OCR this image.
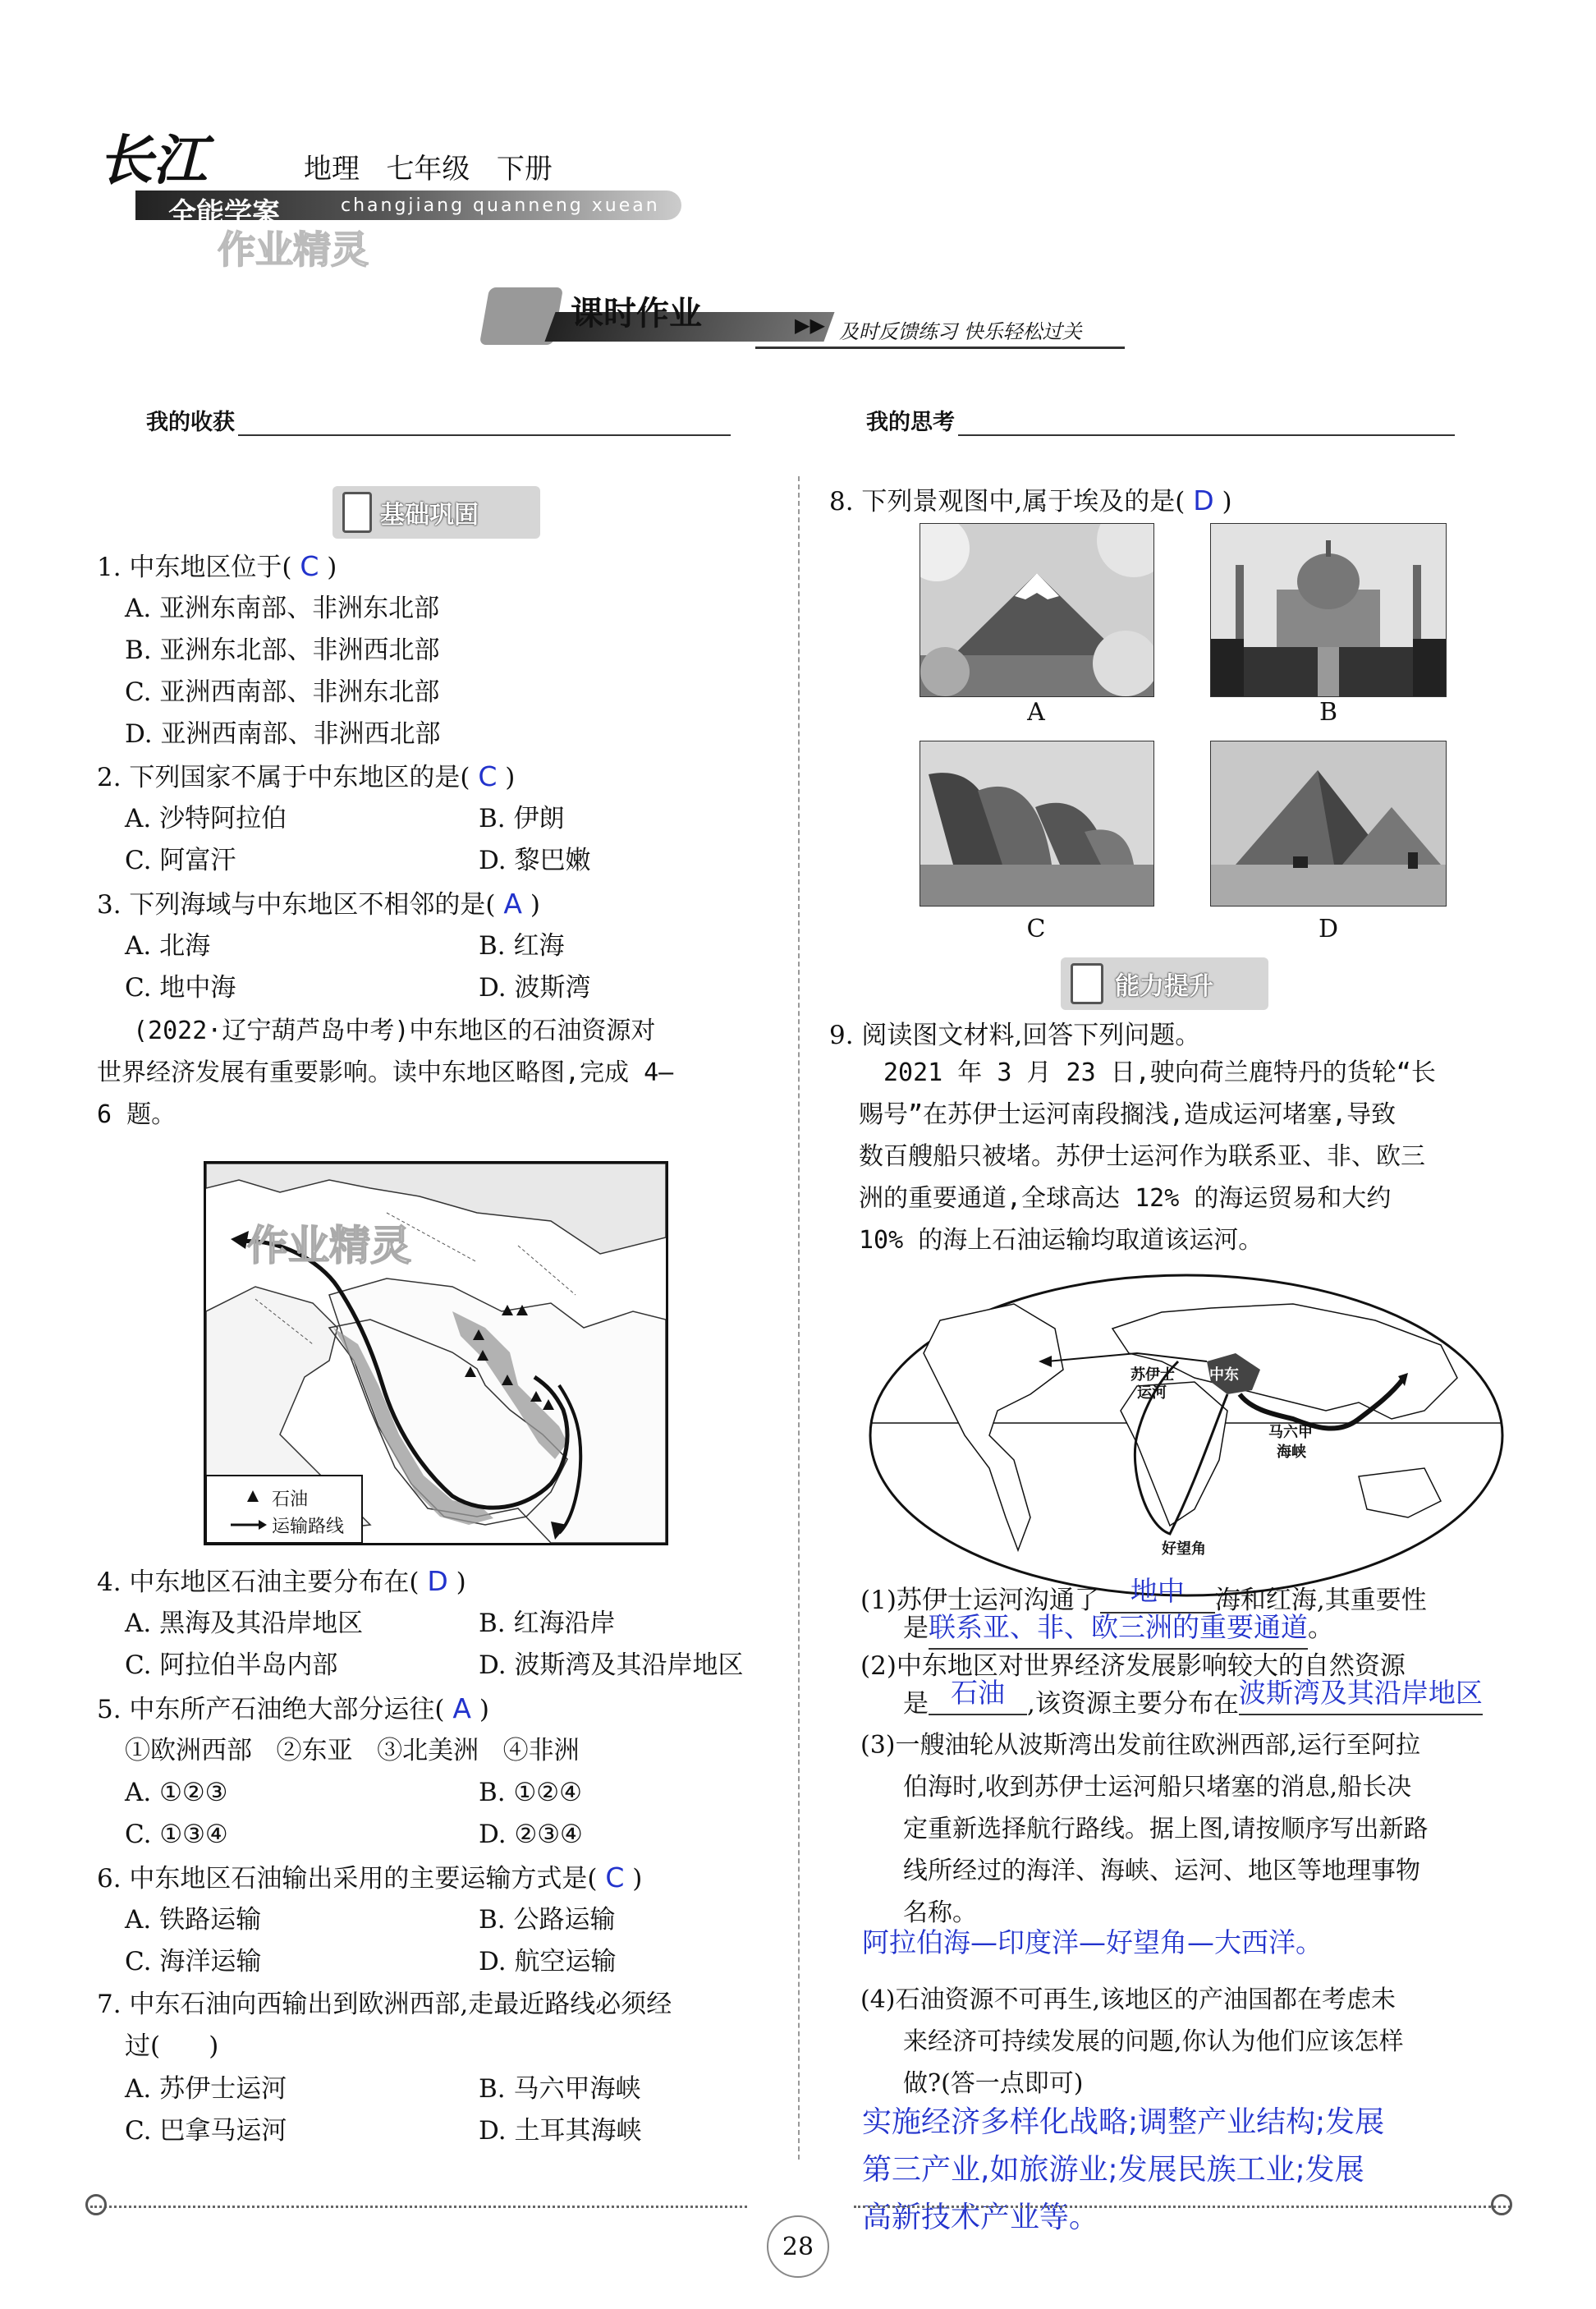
长江
全能学案	changjiang quanneng xuean
作业精灵
地理 七年级 下册
课时作业	▶▶ 及时反馈练习 快乐轻松过关
我的收获	我的思考
基础巩固
1. 中东地区位于( C )
A. 亚洲东南部、非洲东北部
B. 亚洲东北部、非洲西北部
C. 亚洲西南部、非洲东北部
D. 亚洲西南部、非洲西北部
2. 下列国家不属于中东地区的是( C )
A. 沙特阿拉伯	B. 伊朗
C. 阿富汗	D. 黎巴嫩
3. 下列海域与中东地区不相邻的是( A )
A. 北海	B. 红海
C. 地中海	D. 波斯湾
(2022·辽宁葫芦岛中考)中东地区的石油资源对
世界经济发展有重要影响。读中东地区略图,完成 4—
6 题。
石油
运输路线
作业精灵
4. 中东地区石油主要分布在( D )
A. 黑海及其沿岸地区	B. 红海沿岸
C. 阿拉伯半岛内部	D. 波斯湾及其沿岸地区
5. 中东所产石油绝大部分运往( A )
①欧洲西部   ②东亚   ③北美洲   ④非洲
A. ①②③	B. ①②④
C. ①③④	D. ②③④
6. 中东地区石油输出采用的主要运输方式是( C )
A. 铁路运输	B. 公路运输
C. 海洋运输	D. 航空运输
7. 中东石油向西输出到欧洲西部,走最近路线必须经
过(      )
A. 苏伊士运河	B. 马六甲海峡
C. 巴拿马运河	D. 土耳其海峡
8. 下列景观图中,属于埃及的是( D )
A	B
C	D
能力提升
9. 阅读图文材料,回答下列问题。
2021 年 3 月 23 日,驶向荷兰鹿特丹的货轮“长
赐号”在苏伊士运河南段搁浅,造成运河堵塞,导致
数百艘船只被堵。苏伊士运河作为联系亚、非、欧三
洲的重要通道,全球高达 12% 的海运贸易和大约
10% 的海上石油运输均取道该运河。
苏伊士
运河
中东
马六甲
海峡
好望角
(1)苏伊士运河沟通了 地中 海和红海,其重要性
是联系亚、非、欧三洲的重要通道。
(2)中东地区对世界经济发展影响较大的自然资源
是 石油 ,该资源主要分布在波斯湾及其沿岸地区
(3)一艘油轮从波斯湾出发前往欧洲西部,运行至阿拉
伯海时,收到苏伊士运河船只堵塞的消息,船长决
定重新选择航行路线。据上图,请按顺序写出新路
线所经过的海洋、海峡、运河、地区等地理事物
名称。
阿拉伯海—印度洋—好望角—大西洋。
(4)石油资源不可再生,该地区的产油国都在考虑未
来经济可持续发展的问题,你认为他们应该怎样
做?(答一点即可)
实施经济多样化战略;调整产业结构;发展
第三产业,如旅游业;发展民族工业;发展
高新技术产业等。
28
